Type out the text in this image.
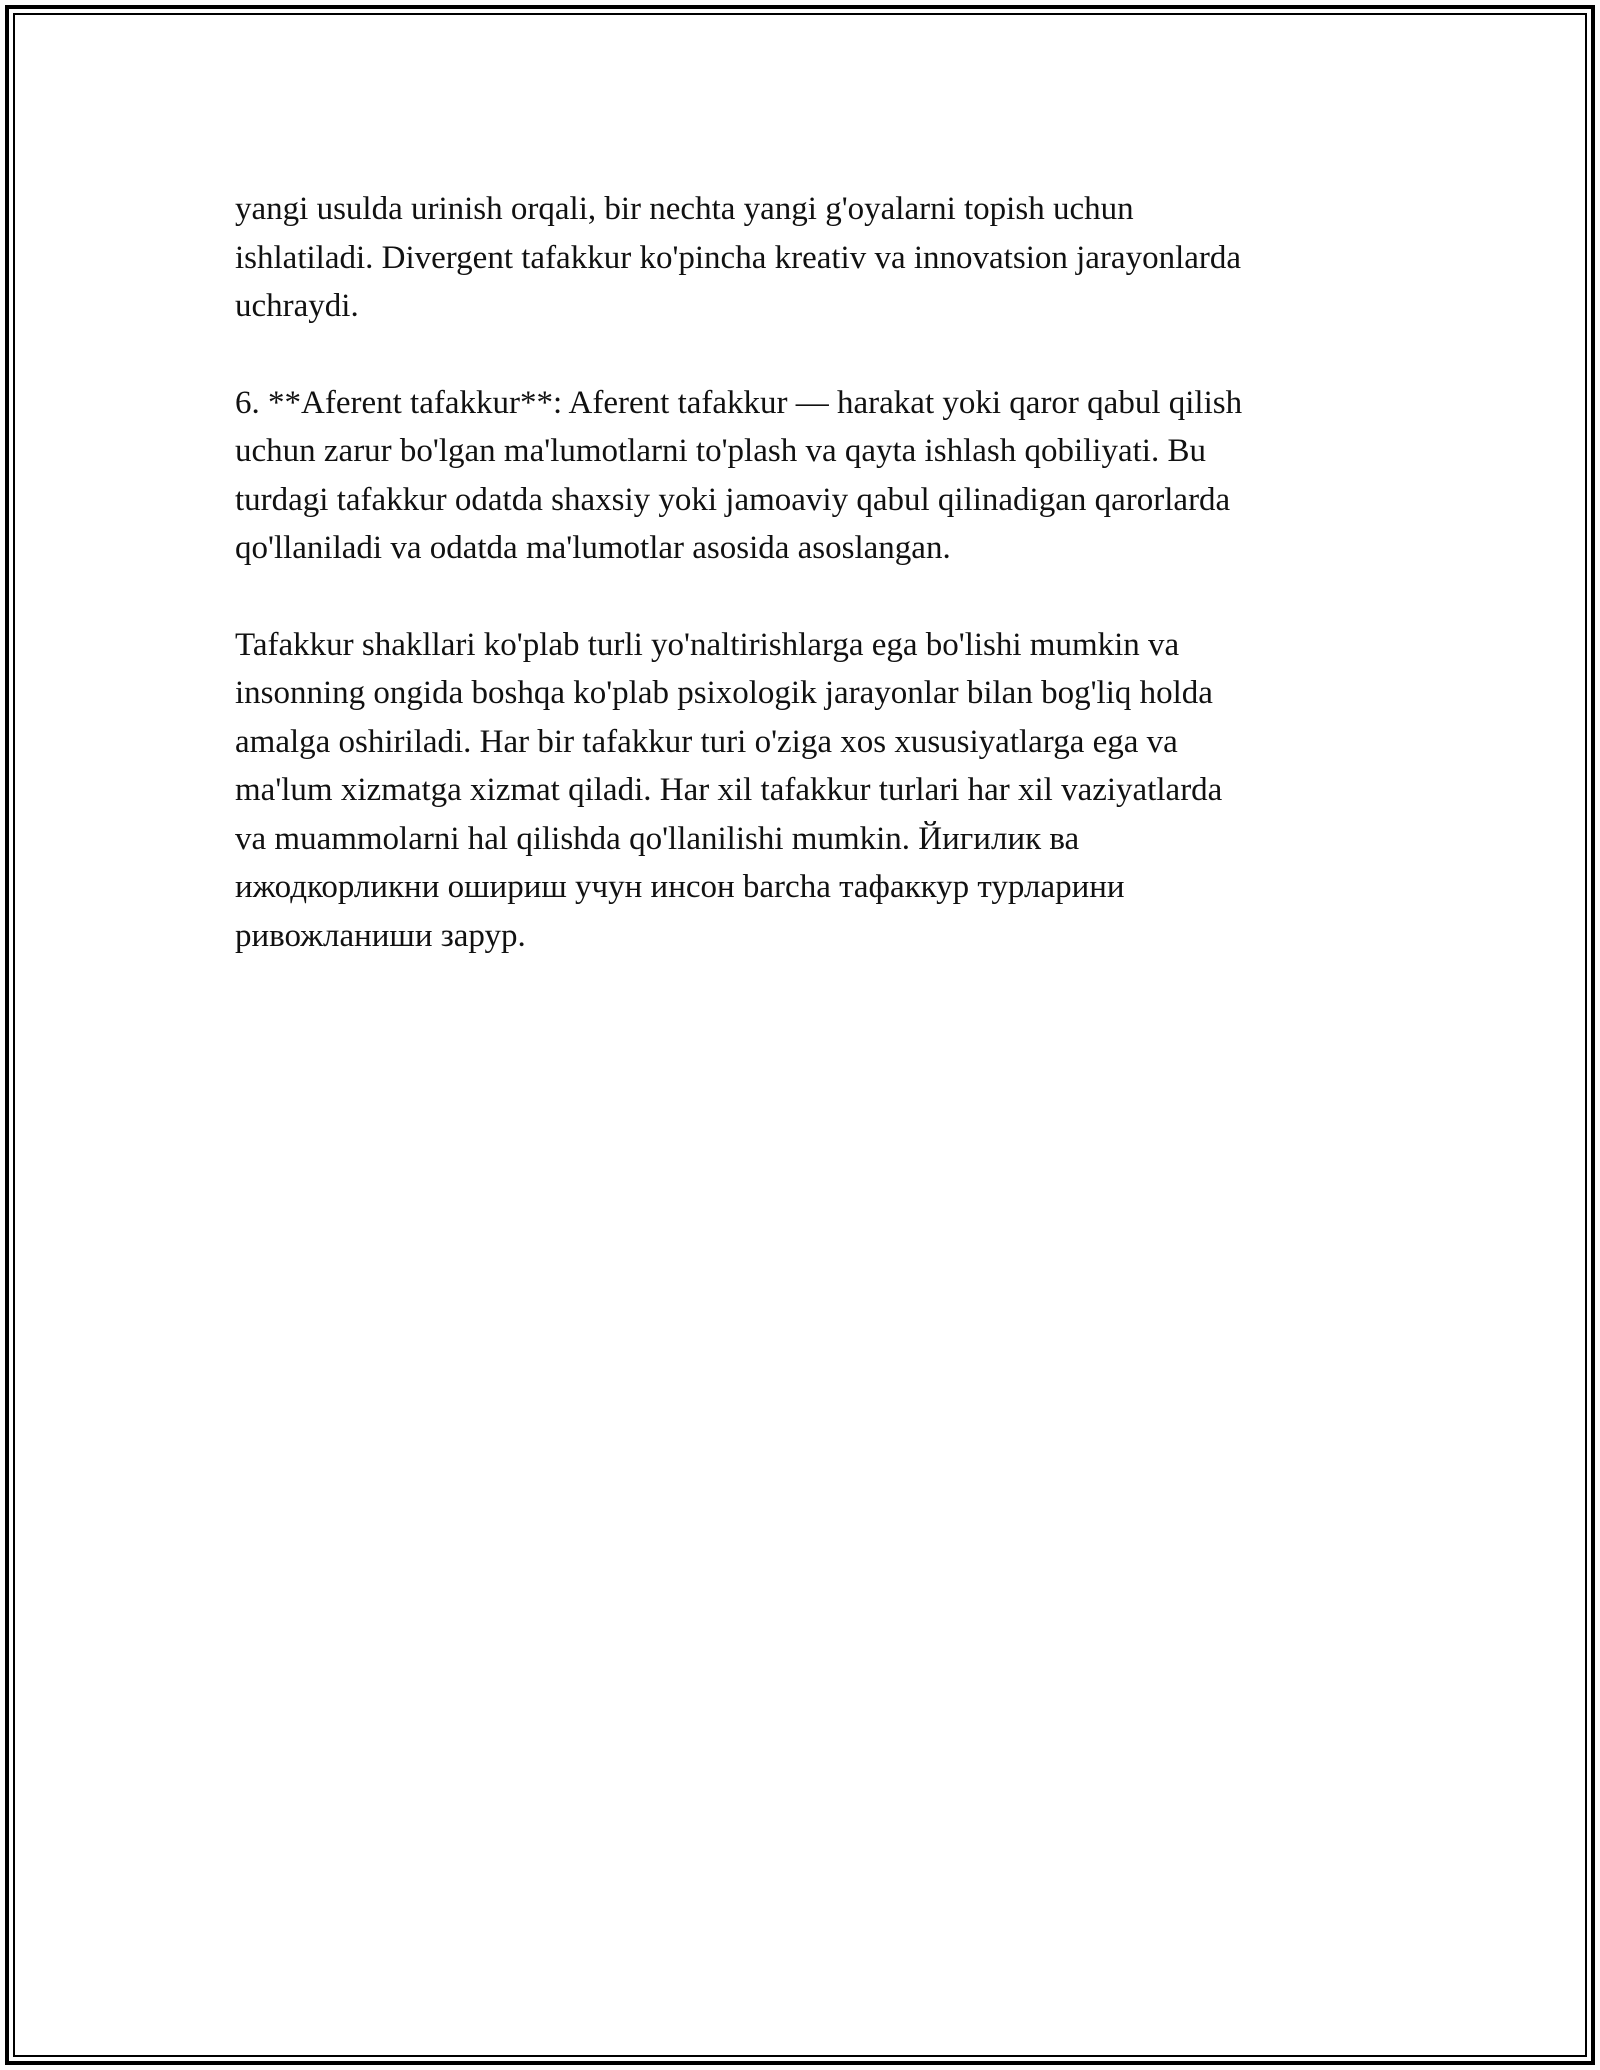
yangi usulda urinish orqali, bir nechta yangi g'oyalarni topish uchun
ishlatiladi. Divergent tafakkur ko'pincha kreativ va innovatsion jarayonlarda
uchraydi.

6. **Aferent tafakkur**: Aferent tafakkur — harakat yoki qaror qabul qilish
uchun zarur bo'lgan ma'lumotlarni to'plash va qayta ishlash qobiliyati. Bu
turdagi tafakkur odatda shaxsiy yoki jamoaviy qabul qilinadigan qarorlarda
qo'llaniladi va odatda ma'lumotlar asosida asoslangan.

Tafakkur shakllari ko'plab turli yo'naltirishlarga ega bo'lishi mumkin va
insonning ongida boshqa ko'plab psixologik jarayonlar bilan bog'liq holda
amalga oshiriladi. Har bir tafakkur turi o'ziga xos xususiyatlarga ega va
ma'lum xizmatga xizmat qiladi. Har xil tafakkur turlari har xil vaziyatlarda
va muammolarni hal qilishda qo'llanilishi mumkin. Йигилик ва
ижодкорликни ошириш учун инсон barcha тафаккур турларини
ривожланиши зарур.
